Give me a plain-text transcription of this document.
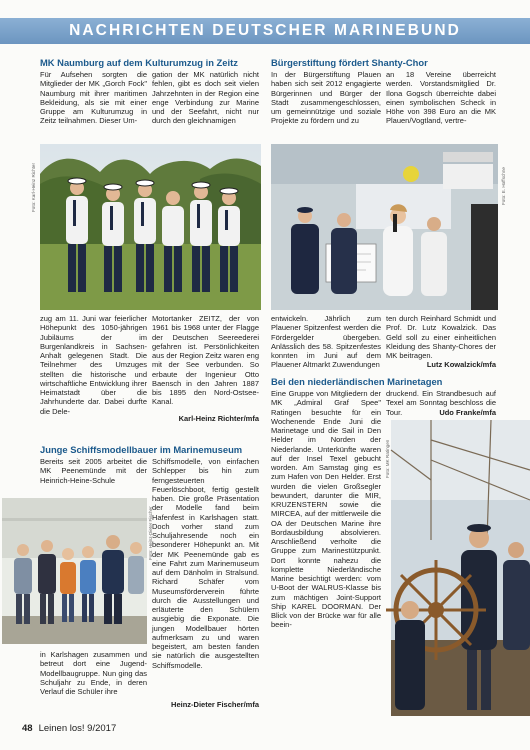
NACHRICHTEN DEUTSCHER MARINEBUND
MK Naumburg auf dem Kulturumzug in Zeitz

Für Aufsehen sorgten die Mitglieder der MK „Gorch Fock" Naumburg mit ihrer maritimen Bekleidung, als sie mit einer Gruppe am Kulturumzug in Zeitz teilnahmen. Dieser Um-

gation der MK natürlich nicht fehlen, gibt es doch seit vielen Jahrzehnten in der Region eine enge Verbindung zur Marine und der Seefahrt, nicht nur durch den gleichnamigen

Foto: Karl-Heinz Richter

zug am 11. Juni war feierlicher Höhepunkt des 1050-jährigen Jubiläums der im Burgenlandkreis in Sachsen-Anhalt gelegenen Stadt. Die Teilnehmer des Umzuges stellten die historische und wirtschaftliche Entwicklung ihrer Heimatstadt über die Jahrhunderte dar. Dabei durfte die Dele-

Motortanker ZEITZ, der von 1961 bis 1968 unter der Flagge der Deutschen Seereederei gefahren ist. Persönlichkeiten aus der Region Zeitz waren eng mit der See verbunden. So erbaute der Ingenieur Otto Baensch in den Jahren 1887 bis 1895 den Nord-Ostsee-Kanal.

Karl-Heinz Richter/mfa
Bürgerstiftung fördert Shanty-Chor

In der Bürgerstiftung Plauen haben sich seit 2012 engagierte Bürgerinnen und Bürger der Stadt zusammengeschlossen, um gemeinnützige und soziale Projekte zu fördern und zu

an 18 Vereine überreicht werden. Vorstandsmitglied Dr. Ilona Gogsch überreichte dabei einen symbolischen Scheck in Höhe von 398 Euro an die MK Plauen/Vogtland, vertre-

Foto: E. Hoffschne

entwickeln. Jährlich zum Plauener Spitzenfest werden die Fördergelder übergeben. Anlässlich des 58. Spitzenfestes konnten im Juni auf dem Plauener Altmarkt Zuwendungen

ten durch Reinhard Schmidt und Prof. Dr. Lutz Kowalzick. Das Geld soll zu einer einheitlichen Kleidung des Shanty-Chores der MK beitragen.

Lutz Kowalzick/mfa
Junge Schiffsmodellbauer im Marinemuseum

Bereits seit 2005 arbeitet die MK Peenemünde mit der Heinrich-Heine-Schule

Foto: Heinz-Dieter Fischer

in Karlshagen zusammen und betreut dort eine Jugend-Modellbaugruppe. Nun ging das Schuljahr zu Ende, in deren Verlauf die Schüler ihre

Schiffsmodelle, von einfachen Schlepper bis hin zum ferngesteuerten Feuerlöschboot, fertig gestellt haben. Die große Präsentation der Modelle fand beim Hafenfest in Karlshagen statt. Doch vorher stand zum Schuljahresende noch ein besonderer Höhepunkt an. Mit der MK Peenemünde gab es eine Fahrt zum Marinemuseum auf dem Dänholm in Stralsund. Richard Schäfer vom Museumsförderverein führte durch die Ausstellungen und erläuterte den Schülern ausgiebig die Exponate. Die jungen Modellbauer hörten aufmerksam zu und waren begeistert, am besten fanden sie natürlich die ausgestellten Schiffsmodelle.

Heinz-Dieter Fischer/mfa
Bei den niederländischen Marinetagen

Eine Gruppe von Mitgliedern der MK „Admiral Graf Spee" Ratingen besuchte für ein Wochenende Ende Juni die Marinetage und die Sail in Den Helder im Norden der Niederlande. Unterkünfte waren auf der Insel Texel gebucht worden. Am Samstag ging es zum Hafen von Den Helder. Erst wurden die vielen Großsegler bewundert, darunter die MIR, KRUZENSTERN sowie die MIRCEA, auf der mittlerweile die OA der Deutschen Marine ihre Bordausbildung absolvieren. Anschließend verholte die Gruppe zum Marinestützpunkt. Dort konnte nahezu die komplette Niederländische Marine besichtigt werden: vom U-Boot der WALRUS-Klasse bis zum mächtigen Joint-Support Ship KAREL DOORMAN. Der Blick von der Brücke war für alle beein-

druckend. Ein Strandbesuch auf Texel am Sonntag beschloss die Tour.	Udo Franke/mfa
Foto: MK Ratingen
48 Leinen los! 9/2017
